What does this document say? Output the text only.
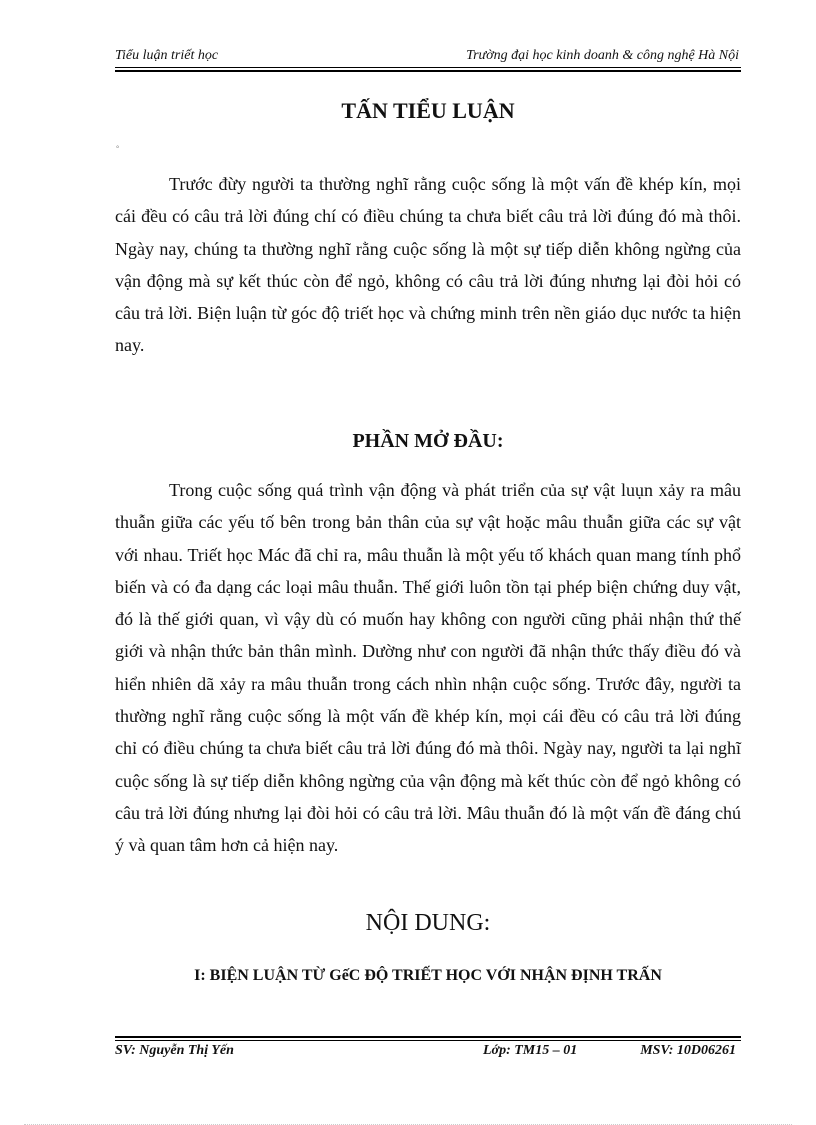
Tiểu luận triết học	Trường đại học kinh doanh & công nghệ Hà Nội
TẤN TIỂU LUẬN
°

Trước đừy người ta thường nghĩ rằng cuộc sống là một vấn đề khép kín, mọi cái đều có câu trả lời đúng chí có điều chúng ta chưa biết câu trả lời đúng đó mà thôi. Ngày nay, chúng ta thường nghĩ rằng cuộc sống là một sự tiếp diễn không ngừng của vận động mà sự kết thúc còn để ngỏ, không có câu trả lời đúng nhưng lại đòi hỏi có câu trả lời. Biện luận từ góc độ triết học và chứng minh trên nền giáo dục nước ta hiện nay.

PHẦN MỞ ĐẦU:

Trong cuộc sống quá trình vận động và phát triển của sự vật luụn xảy ra mâu thuẫn giữa các yếu tố bên trong bản thân của sự vật hoặc mâu thuẫn giữa các sự vật với nhau. Triết học Mác đã chỉ ra, mâu thuẫn là một yếu tố khách quan mang tính phổ biến và có đa dạng các loại mâu thuẫn. Thế giới luôn tồn tại phép biện chứng duy vật, đó là thế giới quan, vì vậy dù có muốn hay không con người cũng phải nhận thứ thế giới và nhận thức bản thân mình. Dường như con người đã nhận thức thấy điều đó và hiển nhiên dã xảy ra mâu thuẫn trong cách nhìn nhận cuộc sống. Trước đây, người ta thường nghĩ rằng cuộc sống là một vấn đề khép kín, mọi cái đều có câu trả lời đúng chỉ có điều chúng ta chưa biết câu trả lời đúng đó mà thôi. Ngày nay, người ta lại nghĩ cuộc sống là sự tiếp diễn không ngừng của vận động mà kết thúc còn để ngỏ không có câu trả lời đúng nhưng lại đòi hỏi có câu trả lời. Mâu thuẫn đó là một vấn đề đáng chú ý và quan tâm hơn cả hiện nay.

NỘI DUNG:
I: BIỆN LUẬN TỪ GếC ĐỘ TRIẾT HỌC VỚI NHẬN ĐỊNH TRẤN
SV: Nguyễn Thị Yến	Lớp: TM15 – 01	MSV: 10D06261
